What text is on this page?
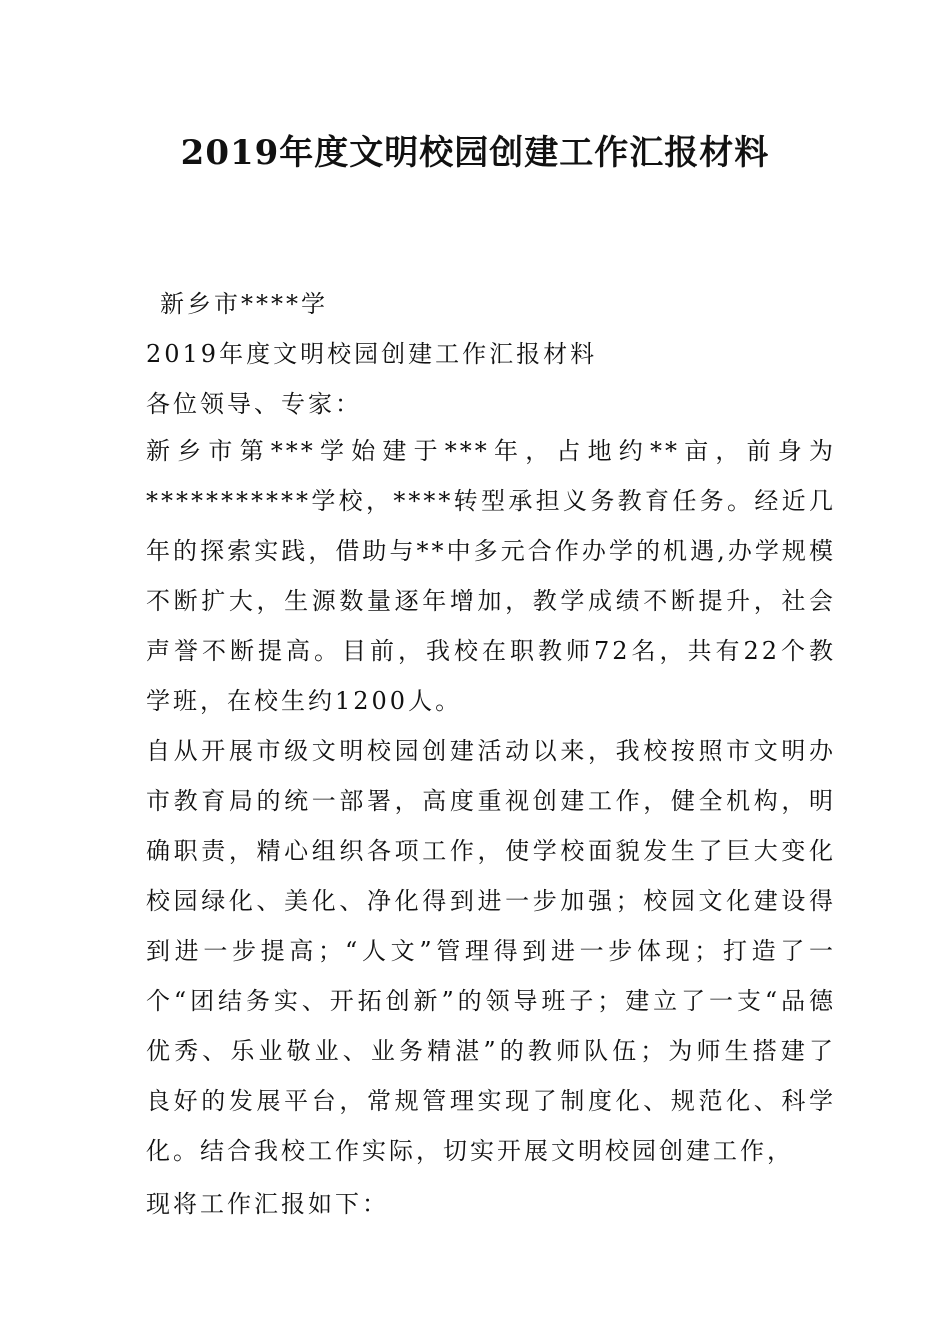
2019年度文明校园创建工作汇报材料

新乡市****学

2019年度文明校园创建工作汇报材料

各位领导、专家：

新乡市第***学始建于***年，占地约**亩，前身为***********学校，****转型承担义务教育任务。经近几年的探索实践，借助与**中多元合作办学的机遇,办学规模不断扩大，生源数量逐年增加，教学成绩不断提升，社会声誉不断提高。目前，我校在职教师72名，共有22个教学班，在校生约1200人。

自从开展市级文明校园创建活动以来，我校按照市文明办市教育局的统一部署，高度重视创建工作，健全机构，明确职责，精心组织各项工作，使学校面貌发生了巨大变化校园绿化、美化、净化得到进一步加强；校园文化建设得到进一步提高；“人文”管理得到进一步体现；打造了一个“团结务实、开拓创新”的领导班子；建立了一支“品德优秀、乐业敬业、业务精湛”的教师队伍；为师生搭建了良好的发展平台，常规管理实现了制度化、规范化、科学化。结合我校工作实际，切实开展文明校园创建工作，

现将工作汇报如下：
